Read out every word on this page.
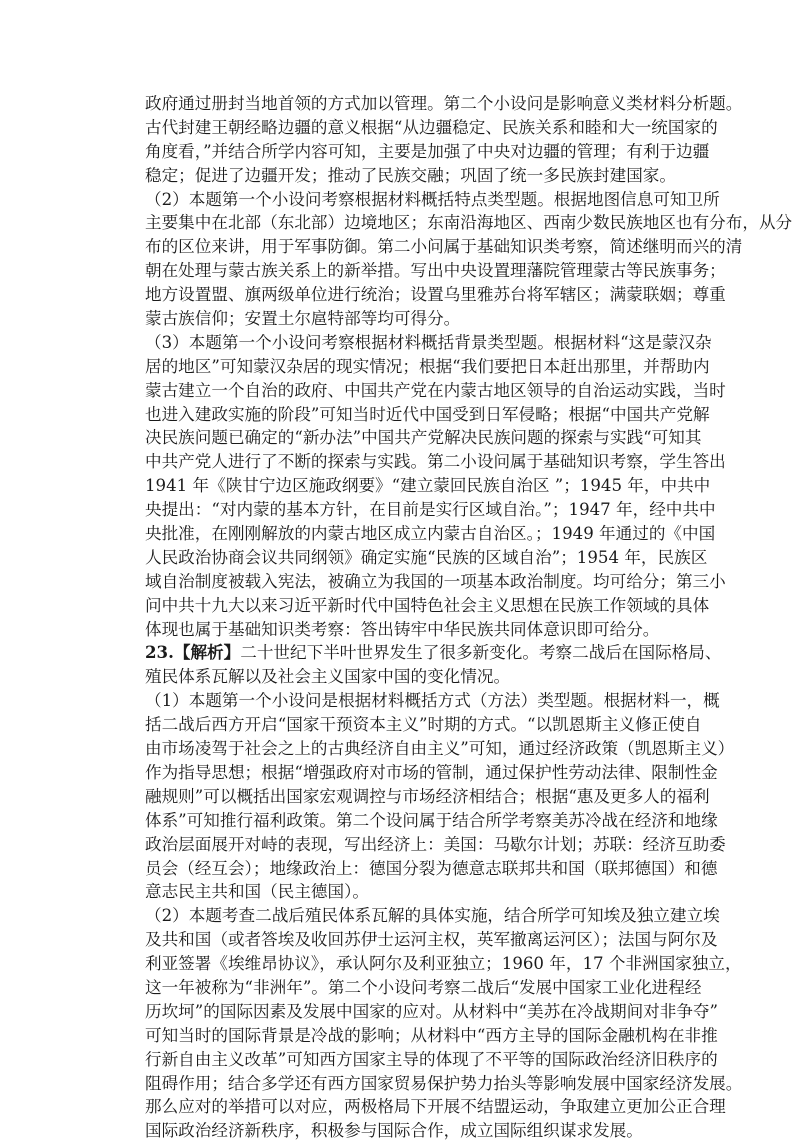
政府通过册封当地首领的方式加以管理。第二个小设问是影响意义类材料分析题。
古代封建王朝经略边疆的意义根据“从边疆稳定、民族关系和睦和大一统国家的
角度看，”并结合所学内容可知，主要是加强了中央对边疆的管理；有利于边疆
稳定；促进了边疆开发；推动了民族交融；巩固了统一多民族封建国家。
（2）本题第一个小设问考察根据材料概括特点类型题。根据地图信息可知卫所
主要集中在北部（东北部）边境地区；东南沿海地区、西南少数民族地区也有分布，从分
布的区位来讲，用于军事防御。第二小问属于基础知识类考察，简述继明而兴的清
朝在处理与蒙古族关系上的新举措。写出中央设置理藩院管理蒙古等民族事务；
地方设置盟、旗两级单位进行统治；设置乌里雅苏台将军辖区；满蒙联姻；尊重
蒙古族信仰；安置土尔扈特部等均可得分。
（3）本题第一个小设问考察根据材料概括背景类型题。根据材料“这是蒙汉杂
居的地区”可知蒙汉杂居的现实情况；根据“我们要把日本赶出那里，并帮助内
蒙古建立一个自治的政府、中国共产党在内蒙古地区领导的自治运动实践，当时
也进入建政实施的阶段”可知当时近代中国受到日军侵略；根据“中国共产党解
决民族问题已确定的“新办法”中国共产党解决民族问题的探索与实践“可知其
中共产党人进行了不断的探索与实践。第二小设问属于基础知识考察，学生答出
1941 年《陕甘宁边区施政纲要》“建立蒙回民族自治区 ”；1945 年，中共中
央提出：“对内蒙的基本方针，在目前是实行区域自治。”；1947 年，经中共中
央批准，在刚刚解放的内蒙古地区成立内蒙古自治区。；1949 年通过的《中国
人民政治协商会议共同纲领》确定实施“民族的区域自治”；1954 年，民族区
域自治制度被载入宪法，被确立为我国的一项基本政治制度。均可给分；第三小
问中共十九大以来习近平新时代中国特色社会主义思想在民族工作领域的具体
体现也属于基础知识类考察：答出铸牢中华民族共同体意识即可给分。
23.【解析】二十世纪下半叶世界发生了很多新变化。考察二战后在国际格局、
殖民体系瓦解以及社会主义国家中国的变化情况。
（1）本题第一个小设问是根据材料概括方式（方法）类型题。根据材料一，概
括二战后西方开启“国家干预资本主义”时期的方式。“以凯恩斯主义修正使自
由市场凌驾于社会之上的古典经济自由主义”可知，通过经济政策（凯恩斯主义）
作为指导思想；根据“增强政府对市场的管制，通过保护性劳动法律、限制性金
融规则”可以概括出国家宏观调控与市场经济相结合；根据“惠及更多人的福利
体系”可知推行福利政策。第二个设问属于结合所学考察美苏冷战在经济和地缘
政治层面展开对峙的表现，写出经济上：美国：马歇尔计划；苏联：经济互助委
员会（经互会）；地缘政治上：德国分裂为德意志联邦共和国（联邦德国）和德
意志民主共和国（民主德国）。
（2）本题考查二战后殖民体系瓦解的具体实施，结合所学可知埃及独立建立埃
及共和国（或者答埃及收回苏伊士运河主权，英军撤离运河区）；法国与阿尔及
利亚签署《埃维昂协议》，承认阿尔及利亚独立；1960 年，17 个非洲国家独立，
这一年被称为“非洲年”。第二个小设问考察二战后“发展中国家工业化进程经
历坎坷”的国际因素及发展中国家的应对。从材料中“美苏在冷战期间对非争夺”
可知当时的国际背景是冷战的影响；从材料中“西方主导的国际金融机构在非推
行新自由主义改革”可知西方国家主导的体现了不平等的国际政治经济旧秩序的
阻碍作用；结合多学还有西方国家贸易保护势力抬头等影响发展中国家经济发展。
那么应对的举措可以对应，两极格局下开展不结盟运动，争取建立更加公正合理
国际政治经济新秩序，积极参与国际合作，成立国际组织谋求发展。
